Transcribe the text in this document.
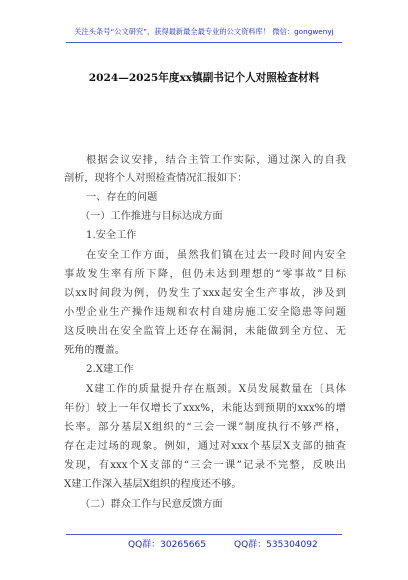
关注头条号“公文研究”，获得最新最全最专业的公文资料库！ 微信：gongwenyj
2024—2025年度xx镇副书记个人对照检查材料
根据会议安排，结合主管工作实际，通过深入的自我
剖析，现将个人对照检查情况汇报如下：
一、存在的问题
（一）工作推进与目标达成方面
1.安全工作
在安全工作方面，虽然我们镇在过去一段时间内安全
事故发生率有所下降，但仍未达到理想的“零事故”目标
以xx时间段为例，仍发生了xxx起安全生产事故，涉及到
小型企业生产操作违规和农村自建房施工安全隐患等问题
这反映出在安全监管上还存在漏洞，未能做到全方位、无
死角的覆盖。
2.X建工作
X建工作的质量提升存在瓶颈。X员发展数量在〔具体
年份〕较上一年仅增长了xxx%，未能达到预期的xxx%的增
长率。部分基层X组织的“三会一课”制度执行不够严格，
存在走过场的现象。例如，通过对xxx个基层X支部的抽查
发现，有xxx个X支部的“三会一课”记录不完整，反映出
X建工作深入基层X组织的程度还不够。
（二）群众工作与民意反馈方面
QQ群：30265665	QQ群：535304092
